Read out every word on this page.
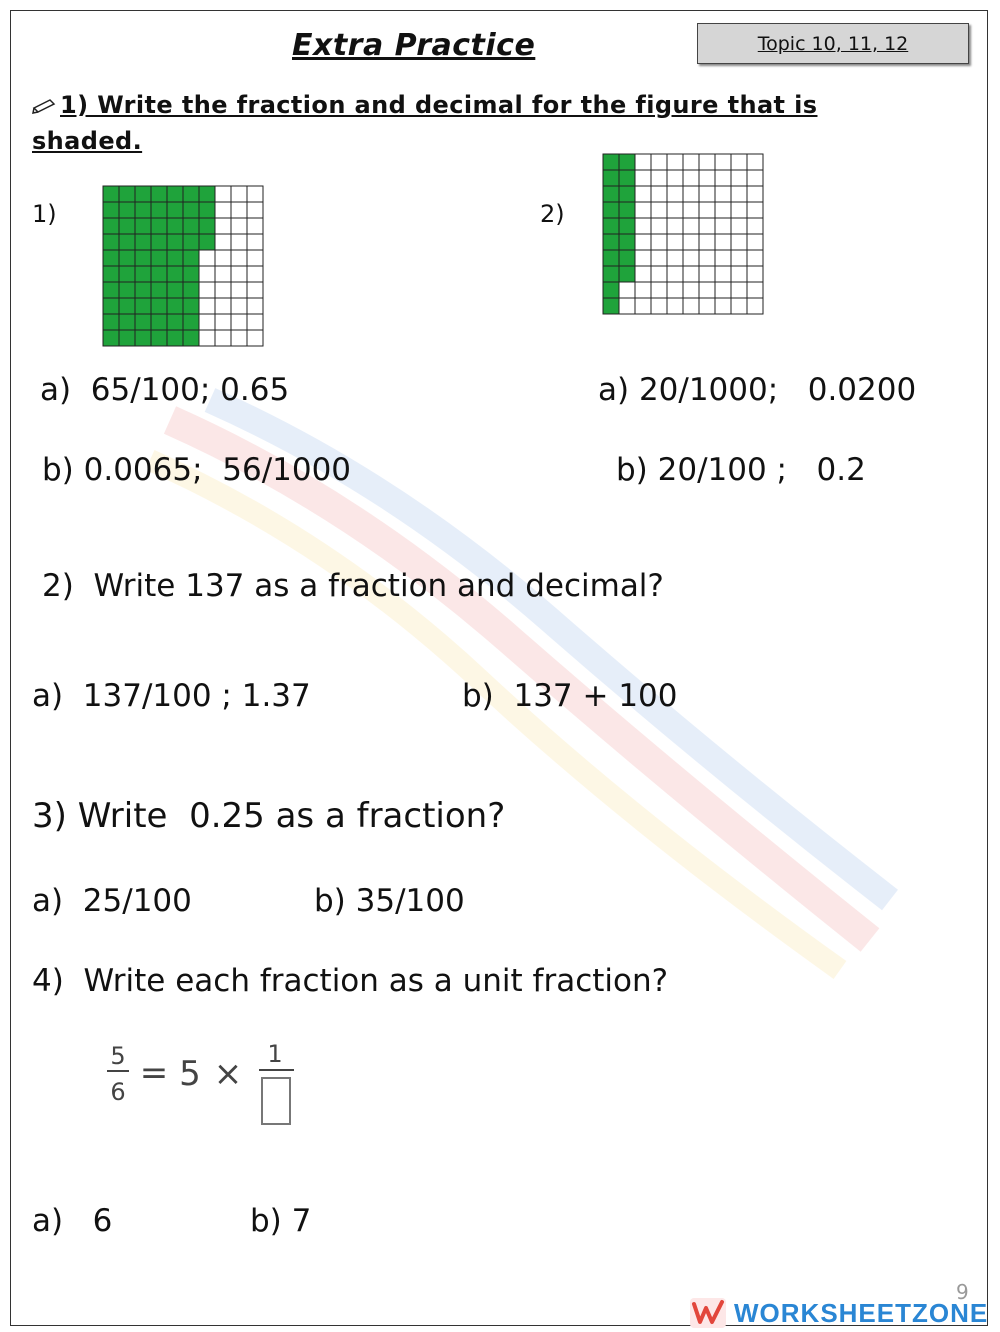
Extra Practice	Topic 10, 11, 12
1) Write the fraction and decimal for the figure that is shaded.
1)	2)
a)  65/100; 0.65	a) 20/1000;   0.0200
b) 0.0065;  56/1000	b) 20/100 ;   0.2
2)  Write 137 as a fraction and decimal?
a)  137/100 ; 1.37	b)  137 + 100
3) Write  0.25 as a fraction?
a)  25/100	b) 35/100
4)  Write each fraction as a unit fraction?
5
6 = 5 × 1
a)   6	b) 7
9
WORKSHEETZONE
